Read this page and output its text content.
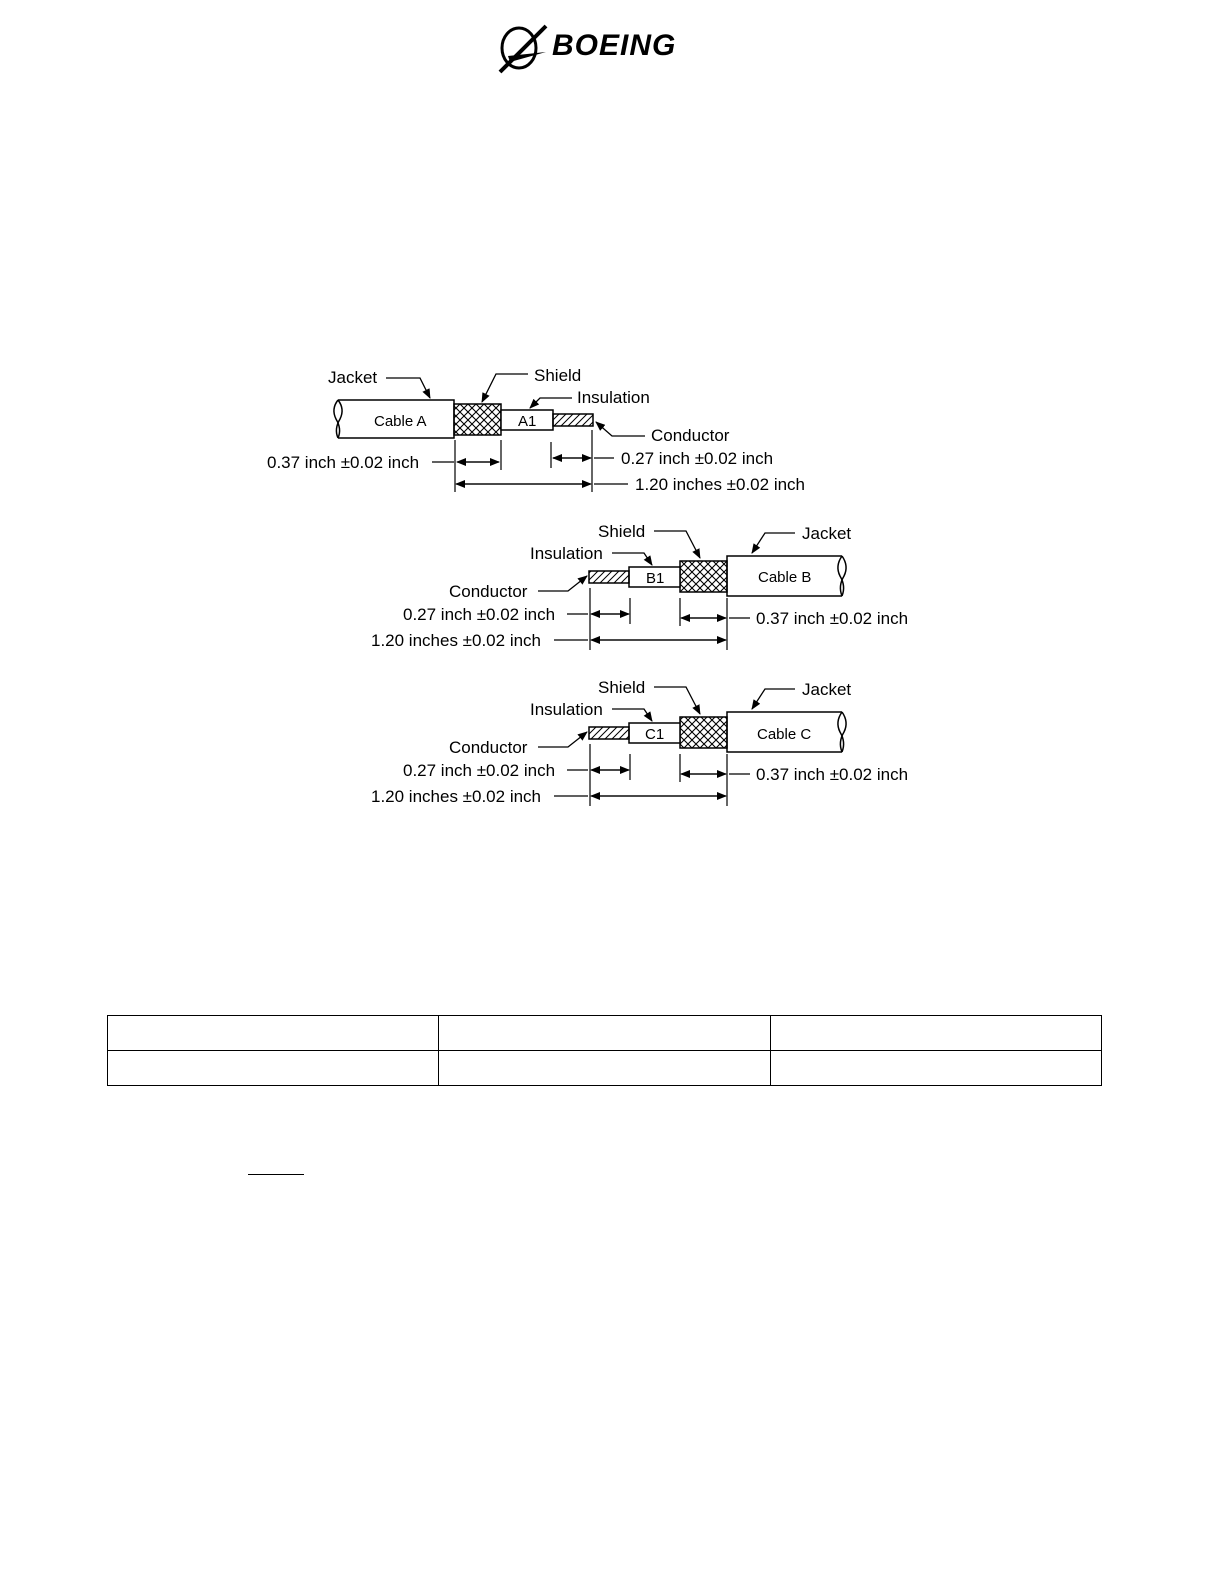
BOEING
Cable A	A1
Jacket	Shield
Insulation
Conductor
0.37 inch ±0.02 inch	0.27 inch ±0.02 inch
1.20 inches ±0.02 inch
Cable B
B1
Jacket
Shield
Insulation
Conductor
0.27 inch ±0.02 inch
1.20 inches ±0.02 inch
0.37 inch ±0.02 inch
Cable C
C1
Jacket
Shield
Insulation
Conductor
0.27 inch ±0.02 inch
1.20 inches ±0.02 inch
0.37 inch ±0.02 inch
